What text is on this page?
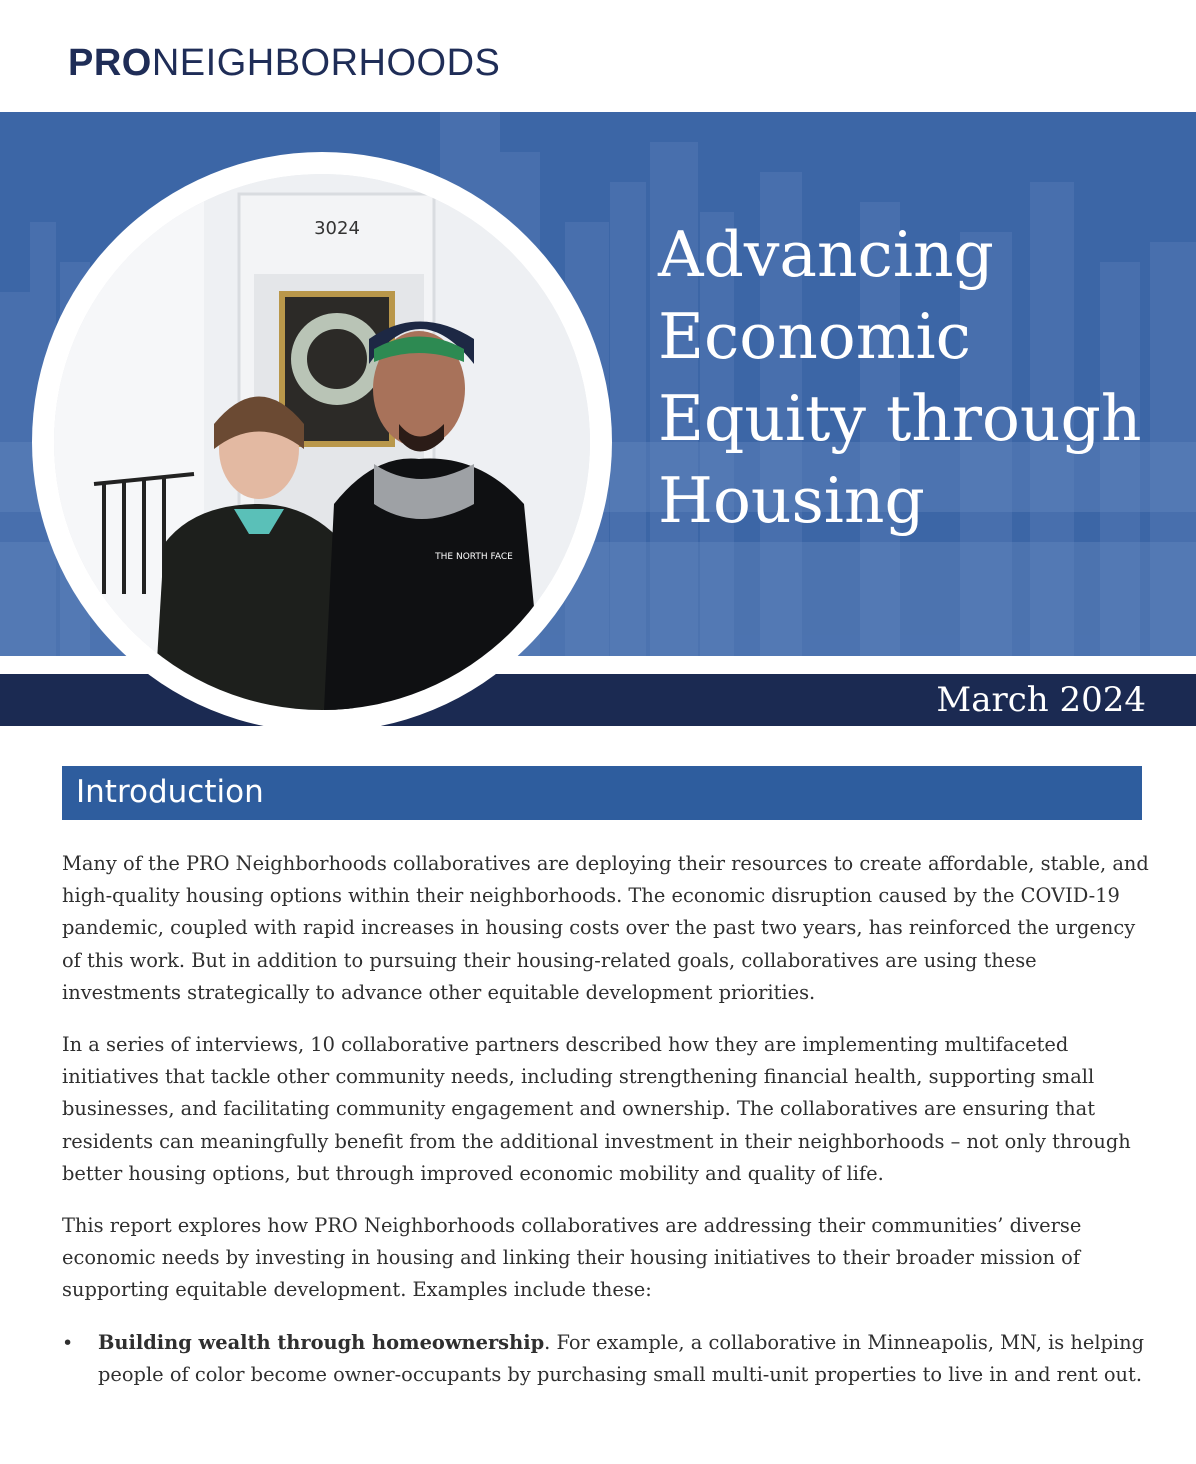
PRONEIGHBORHOODS
March 2024
Advancing
Economic
Equity through
Housing
3024
THE NORTH FACE
Introduction

Many of the PRO Neighborhoods collaboratives are deploying their resources to create affordable, stable, and high-quality housing options within their neighborhoods. The economic disruption caused by the COVID-19 pandemic, coupled with rapid increases in housing costs over the past two years, has reinforced the urgency of this work. But in addition to pursuing their housing-related goals, collaboratives are using these investments strategically to advance other equitable development priorities.

In a series of interviews, 10 collaborative partners described how they are implementing multifaceted initiatives that tackle other community needs, including strengthening financial health, supporting small businesses, and facilitating community engagement and ownership. The collaboratives are ensuring that residents can meaningfully benefit from the additional investment in their neighborhoods – not only through better housing options, but through improved economic mobility and quality of life.

This report explores how PRO Neighborhoods collaboratives are addressing their communities’ diverse economic needs by investing in housing and linking their housing initiatives to their broader mission of supporting equitable development. Examples include these:

• Building wealth through homeownership. For example, a collaborative in Minneapolis, MN, is helping people of color become owner-occupants by purchasing small multi-unit properties to live in and rent out.
